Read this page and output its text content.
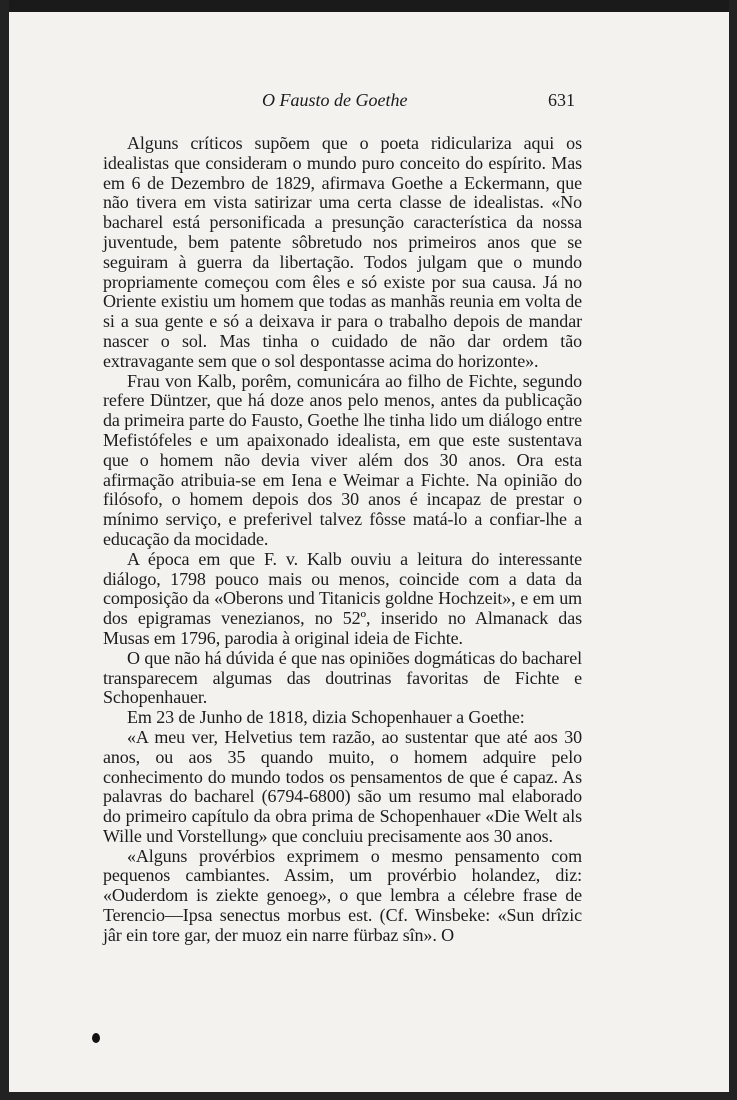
O Fausto de Goethe	631

Alguns críticos supõem que o poeta ridiculariza aqui os idealistas que consideram o mundo puro conceito do espírito. Mas em 6 de Dezembro de 1829, afirmava Goethe a Eckermann, que não tivera em vista satirizar uma certa classe de idealistas. «No bacharel está personificada a presunção característica da nossa juventude, bem patente sôbretudo nos primeiros anos que se seguiram à guerra da libertação. Todos julgam que o mundo propriamente começou com êles e só existe por sua causa. Já no Oriente existiu um homem que todas as manhãs reunia em volta de si a sua gente e só a deixava ir para o trabalho depois de mandar nascer o sol. Mas tinha o cuidado de não dar ordem tão extravagante sem que o sol despontasse acima do horizonte».

Frau von Kalb, porêm, comunicára ao filho de Fichte, segundo refere Düntzer, que há doze anos pelo menos, antes da publicação da primeira parte do Fausto, Goethe lhe tinha lido um diálogo entre Mefistófeles e um apaixonado idealista, em que este sustentava que o homem não devia viver além dos 30 anos. Ora esta afirmação atribuia-se em Iena e Weimar a Fichte. Na opinião do filósofo, o homem depois dos 30 anos é incapaz de prestar o mínimo serviço, e preferivel talvez fôsse matá-lo a confiar-lhe a educação da mocidade.

A época em que F. v. Kalb ouviu a leitura do interessante diálogo, 1798 pouco mais ou menos, coincide com a data da composição da «Oberons und Titanicis goldne Hochzeit», e em um dos epigramas venezianos, no 52º, inserido no Almanack das Musas em 1796, parodia à original ideia de Fichte.

O que não há dúvida é que nas opiniões dogmáticas do bacharel transparecem algumas das doutrinas favoritas de Fichte e Schopenhauer.

Em 23 de Junho de 1818, dizia Schopenhauer a Goethe:

«A meu ver, Helvetius tem razão, ao sustentar que até aos 30 anos, ou aos 35 quando muito, o homem adquire pelo conhecimento do mundo todos os pensamentos de que é capaz. As palavras do bacharel (6794-6800) são um resumo mal elaborado do primeiro capítulo da obra prima de Schopenhauer «Die Welt als Wille und Vorstellung» que concluiu precisamente aos 30 anos.

«Alguns provérbios exprimem o mesmo pensamento com pequenos cambiantes. Assim, um provérbio holandez, diz: «Ouderdom is ziekte genoeg», o que lembra a célebre frase de Terencio—Ipsa senectus morbus est. (Cf. Winsbeke: «Sun drîzic jâr ein tore gar, der muoz ein narre fürbaz sîn». O
